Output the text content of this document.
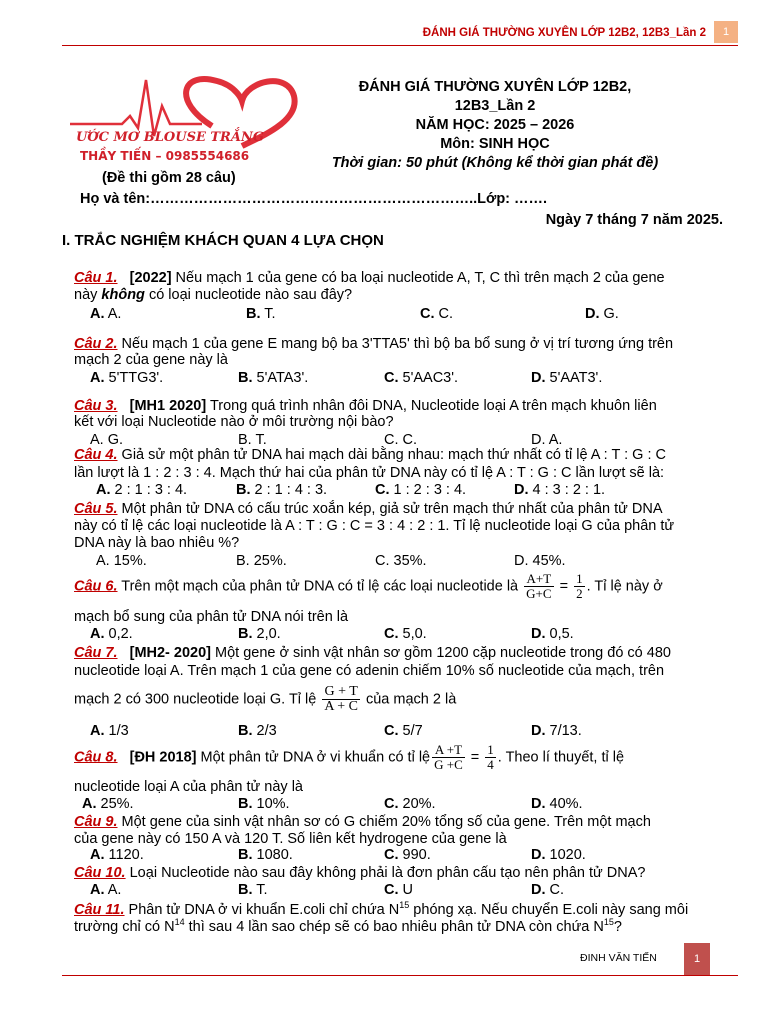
ĐÁNH GIÁ THƯỜNG XUYÊN LỚP 12B2, 12B3_Lần 2	1
ƯỚC MƠ BLOUSE TRẮNG
THẦY TIẾN – 0985554686
ĐÁNH GIÁ THƯỜNG XUYÊN LỚP 12B2, 12B3_Lần 2
NĂM HỌC: 2025 – 2026
Môn: SINH HỌC
Thời gian: 50 phút (Không kể thời gian phát đề)
(Đề thi gồm 28 câu)
Họ và tên:…………………………………………………………..Lớp: …….
Ngày 7 tháng 7 năm 2025.
I. TRẮC NGHIỆM KHÁCH QUAN 4 LỰA CHỌN
Câu 1. [2022] Nếu mạch 1 của gene có ba loại nucleotide A, T, C thì trên mạch 2 của gene
này không có loại nucleotide nào sau đây?
A. A.	B. T.	C. C.	D. G.
Câu 2. Nếu mạch 1 của gene E mang bộ ba 3'TTA5' thì bộ ba bổ sung ở vị trí tương ứng trên
mạch 2 của gene này là
A. 5'TTG3'.	B. 5'ATA3'.	C. 5'AAC3'.	D. 5'AAT3'.
Câu 3. [MH1 2020] Trong quá trình nhân đôi DNA, Nucleotide loại A trên mạch khuôn liên
kết với loại Nucleotide nào ở môi trường nội bào?
A. G.	B. T.	C. C.	D. A.
Câu 4. Giả sử một phân tử DNA hai mạch dài bằng nhau: mạch thứ nhất có tỉ lệ A : T : G : C
lần lượt là 1 : 2 : 3 : 4. Mạch thứ hai của phân tử DNA này có tỉ lệ A : T : G : C lần lượt sẽ là:
A. 2 : 1 : 3 : 4.	B. 2 : 1 : 4 : 3.	C. 1 : 2 : 3 : 4.	D. 4 : 3 : 2 : 1.
Câu 5. Một phân tử DNA có cấu trúc xoắn kép, giả sử trên mạch thứ nhất của phân tử DNA
này có tỉ lệ các loại nucleotide là A : T : G : C = 3 : 4 : 2 : 1. Tỉ lệ nucleotide loại G của phân tử
DNA này là bao nhiêu %?
A. 15%.	B. 25%.	C. 35%.	D. 45%.
Câu 6. Trên một mạch của phân tử DNA có tỉ lệ các loại nucleotide là $\frac{A+T}{G+C} = \frac{1}{2}$ . Tỉ lệ này ở
mạch bổ sung của phân tử DNA nói trên là
A. 0,2.	B. 2,0.	C. 5,0.	D. 0,5.
Câu 7. [MH2- 2020] Một gene ở sinh vật nhân sơ gồm 1200 cặp nucleotide trong đó có 480
nucleotide loại A. Trên mạch 1 của gene có adenin chiếm 10% số nucleotide của mạch, trên
mạch 2 có 300 nucleotide loại G. Tỉ lệ $\frac{G + T}{A + C}$ của mạch 2 là
A. 1/3	B. 2/3	C. 5/7	D. 7/13.
Câu 8. [ĐH 2018] Một phân tử DNA ở vi khuẩn có tỉ lệ $\frac{A +T}{G +C} = \frac{1}{4}$ . Theo lí thuyết, tỉ lệ
nucleotide loại A của phân tử này là
A. 25%.	B. 10%.	C. 20%.	D. 40%.
Câu 9. Một gene của sinh vật nhân sơ có G chiếm 20% tổng số của gene. Trên một mạch
của gene này có 150 A và 120 T. Số liên kết hydrogene của gene là
A. 1120.	B. 1080.	C. 990.	D. 1020.
Câu 10. Loại Nucleotide nào sau đây không phải là đơn phân cấu tạo nên phân tử DNA?
A. A.	B. T.	C. U	D. C.
Câu 11. Phân tử DNA ở vi khuẩn E.coli chỉ chứa $N^{15}$ phóng xạ. Nếu chuyển E.coli này sang môi
trường chỉ có $N^{14}$ thì sau 4 lần sao chép sẽ có bao nhiêu phân tử DNA còn chứa $N^{15}$?
ĐINH VĂN TIẾN	1
